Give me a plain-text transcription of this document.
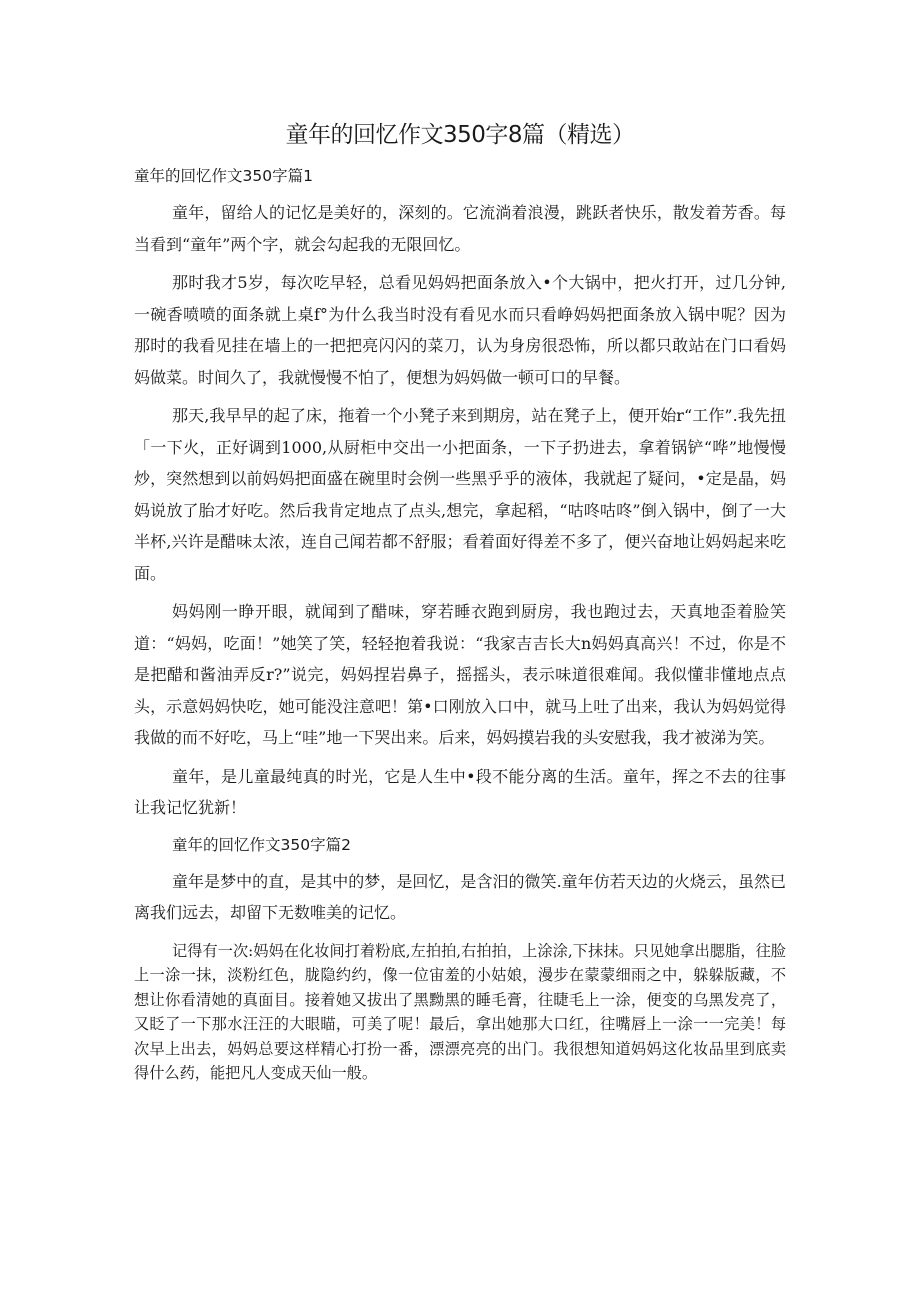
童年的回忆作文350字8篇（精选）
童年的回忆作文350字篇1

童年，留给人的记忆是美好的，深刻的。它流淌着浪漫，跳跃者快乐，散发着芳香。每当看到“童年”两个字，就会勾起我的无限回忆。

那时我才5岁，每次吃早轻，总看见妈妈把面条放入•个大锅中，把火打开，过几分钟,一碗香喷喷的面条就上桌f°为什么我当时没有看见水而只看峥妈妈把面条放入锅中呢？因为那时的我看见挂在墙上的一把把亮闪闪的菜刀，认为身房很恐怖，所以都只敢站在门口看妈妈做菜。时间久了，我就慢慢不怕了，便想为妈妈做一顿可口的早餐。

那天,我早早的起了床，拖着一个小凳子来到期房，站在凳子上，便开始r“工作”.我先扭「一下火，正好调到1000,从厨柜中交出一小把面条，一下子扔进去，拿着锅铲“哗”地慢慢炒，突然想到以前妈妈把面盛在碗里时会例一些黑乎乎的液体，我就起了疑问，•定是晶，妈妈说放了胎才好吃。然后我肯定地点了点头,想完，拿起稻，“咕咚咕咚”倒入锅中，倒了一大半杯,兴许是醋味太浓，连自己闻若都不舒服；看着面好得差不多了，便兴奋地让妈妈起来吃面。

妈妈刚一睁开眼，就闻到了醋味，穿若睡衣跑到厨房，我也跑过去，天真地歪着脸笑道：“妈妈，吃面！”她笑了笑，轻轻抱着我说：“我家吉吉长大n妈妈真高兴！不过，你是不是把醋和酱油弄反r?”说完，妈妈捏岩鼻子，摇摇头，表示味道很难闻。我似懂非懂地点点头，示意妈妈快吃，她可能没注意吧！第•口刚放入口中，就马上吐了出来，我认为妈妈觉得我做的而不好吃，马上“哇”地一下哭出来。后来，妈妈摸岩我的头安慰我，我才被涕为笑。

童年，是儿童最纯真的时光，它是人生中•段不能分离的生活。童年，挥之不去的往事让我记忆犹新！

童年的回忆作文350字篇2

童年是梦中的直，是其中的梦，是回忆，是含汨的微笑.童年仿若天边的火烧云，虽然已离我们远去，却留下无数唯美的记忆。

记得有一次:妈妈在化妆间打着粉底,左拍拍,右拍拍，上涂涂,下抹抹。只见她拿出腮脂，往脸上一涂一抹，淡粉红色，胧隐约约，像一位宙羞的小姑娘，漫步在蒙蒙细雨之中，躲躲版藏，不想让你看清她的真面目。接着她又拔出了黑黝黑的睡毛膏，往睫毛上一涂，便变的乌黑发亮了，又眨了一下那水汪汪的大眼瞄，可美了呢！最后，拿出她那大口红，往嘴唇上一涂一一完美！每次早上出去，妈妈总要这样精心打扮一番，漂漂亮亮的出门。我很想知道妈妈这化妆品里到底卖得什么药，能把凡人变成天仙一般。
